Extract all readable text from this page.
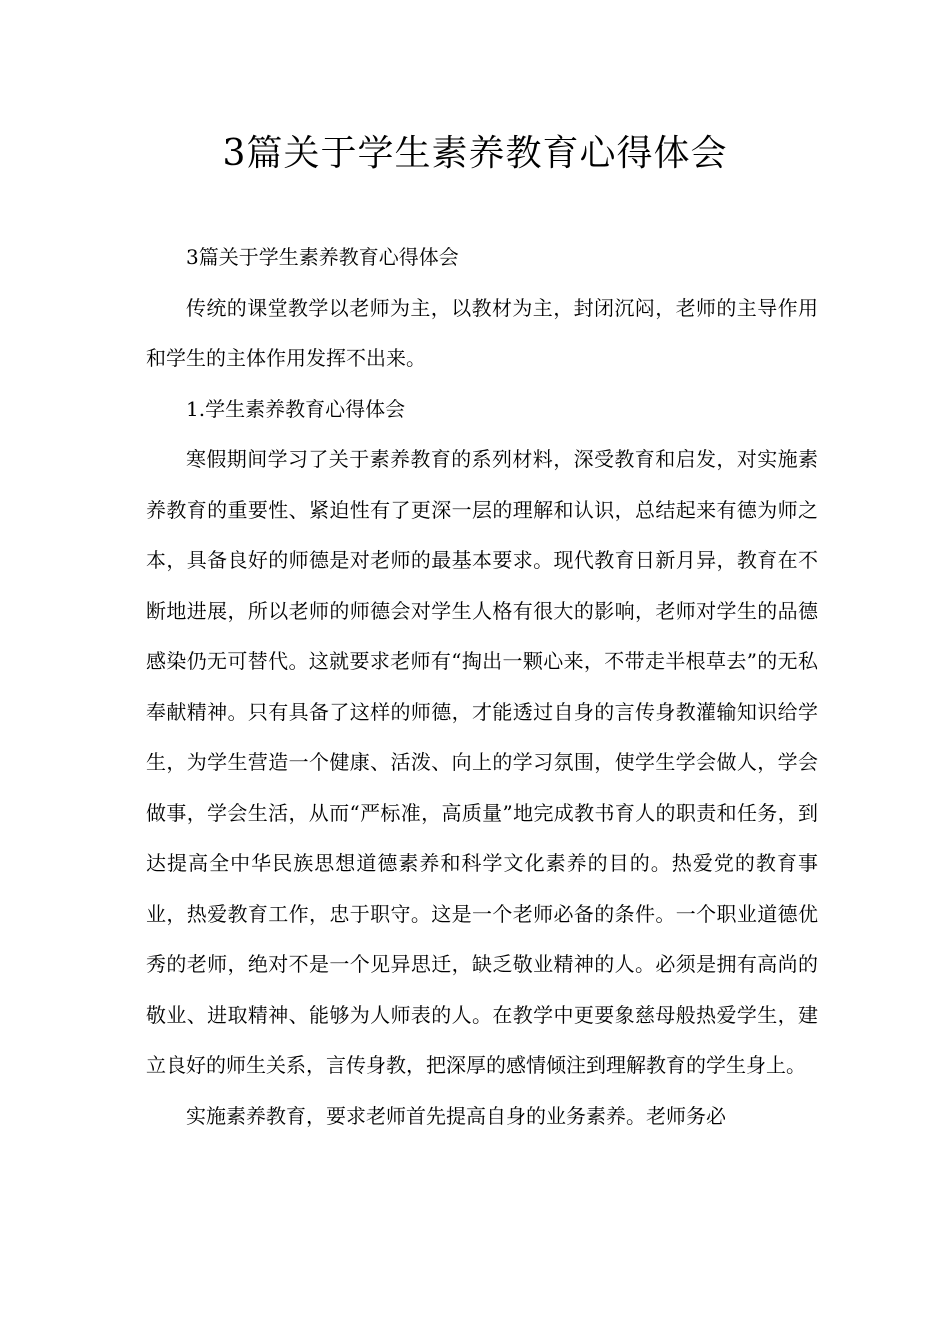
3篇关于学生素养教育心得体会

3篇关于学生素养教育心得体会

传统的课堂教学以老师为主，以教材为主，封闭沉闷，老师的主导作用和学生的主体作用发挥不出来。

1.学生素养教育心得体会

寒假期间学习了关于素养教育的系列材料，深受教育和启发，对实施素养教育的重要性、紧迫性有了更深一层的理解和认识，总结起来有德为师之本，具备良好的师德是对老师的最基本要求。现代教育日新月异，教育在不断地进展，所以老师的师德会对学生人格有很大的影响，老师对学生的品德感染仍无可替代。这就要求老师有“掏出一颗心来，不带走半根草去”的无私奉献精神。只有具备了这样的师德，才能透过自身的言传身教灌输知识给学生，为学生营造一个健康、活泼、向上的学习氛围，使学生学会做人，学会做事，学会生活，从而“严标准，高质量”地完成教书育人的职责和任务，到达提高全中华民族思想道德素养和科学文化素养的目的。热爱党的教育事业，热爱教育工作，忠于职守。这是一个老师必备的条件。一个职业道德优秀的老师，绝对不是一个见异思迁，缺乏敬业精神的人。必须是拥有高尚的敬业、进取精神、能够为人师表的人。在教学中更要象慈母般热爱学生，建立良好的师生关系，言传身教，把深厚的感情倾注到理解教育的学生身上。

实施素养教育，要求老师首先提高自身的业务素养。老师务必
